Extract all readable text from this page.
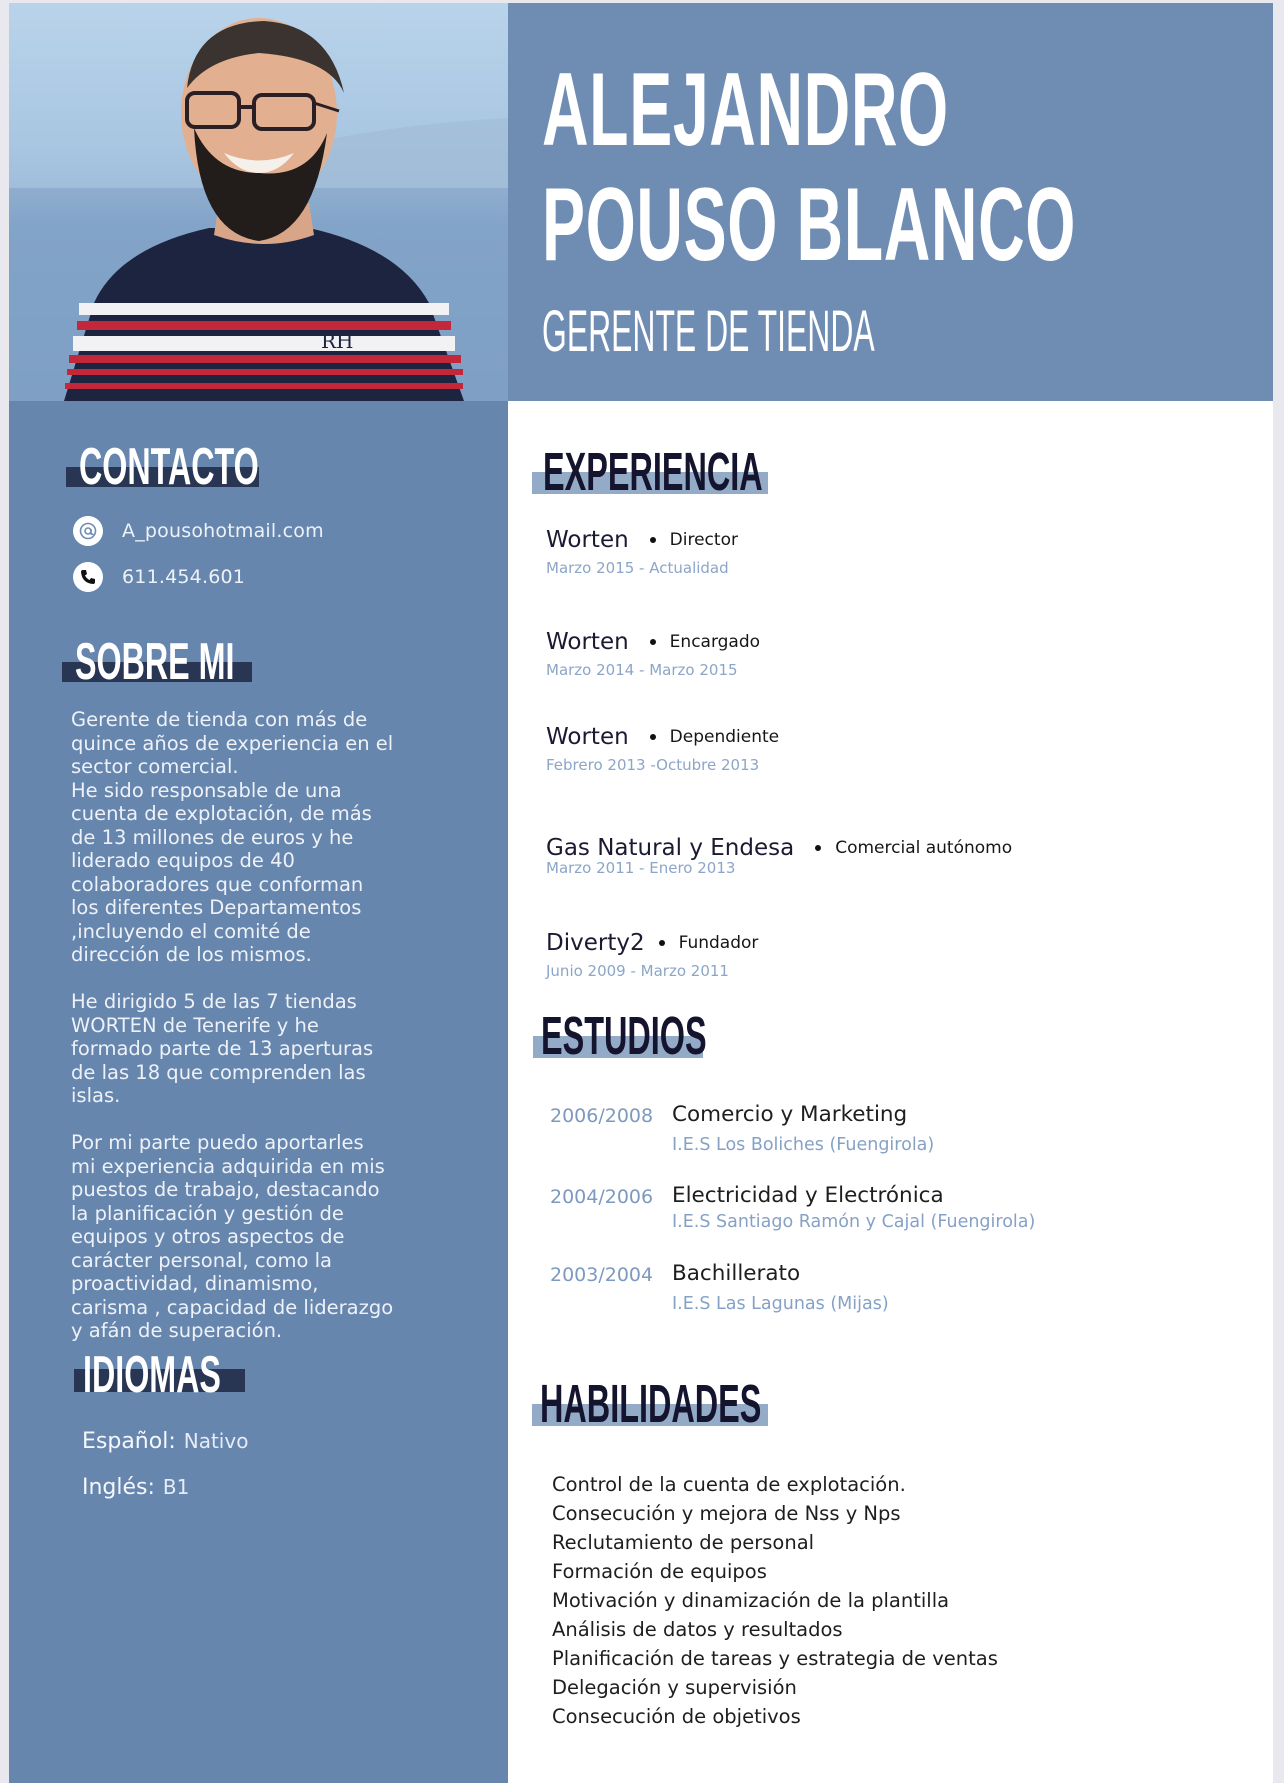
RH
ALEJANDRO
POUSO BLANCO
GERENTE DE TIENDA
CONTACTO
A_pousohotmail.com
611.454.601
SOBRE MI

Gerente de tienda con más de
quince años de experiencia en el
sector comercial.
He sido responsable de una
cuenta de explotación, de más
de 13 millones de euros y he
liderado equipos de 40
colaboradores que conforman
los diferentes Departamentos
,incluyendo el comité de
dirección de los mismos.

He dirigido 5 de las 7 tiendas
WORTEN de Tenerife y he
formado parte de 13 aperturas
de las 18 que comprenden las
islas.

Por mi parte puedo aportarles
mi experiencia adquirida en mis
puestos de trabajo, destacando
la planificación y gestión de
equipos y otros aspectos de
carácter personal, como la
proactividad, dinamismo,
carisma , capacidad de liderazgo
y afán de superación.

IDIOMAS
Español: Nativo
Inglés: B1
EXPERIENCIA
Worten Director
Marzo 2015 - Actualidad
Worten Encargado
Marzo 2014 - Marzo 2015
Worten Dependiente
Febrero 2013 -Octubre 2013
Gas Natural y Endesa Comercial autónomo
Marzo 2011 - Enero 2013
Diverty2 Fundador
Junio 2009 - Marzo 2011
ESTUDIOS
2006/2008 Comercio y Marketing
I.E.S Los Boliches (Fuengirola)
2004/2006 Electricidad y Electrónica
I.E.S Santiago Ramón y Cajal (Fuengirola)
2003/2004 Bachillerato
I.E.S Las Lagunas (Mijas)
HABILIDADES
Control de la cuenta de explotación.
Consecución y mejora de Nss y Nps
Reclutamiento de personal
Formación de equipos
Motivación y dinamización de la plantilla
Análisis de datos y resultados
Planificación de tareas y estrategia de ventas
Delegación y supervisión
Consecución de objetivos
